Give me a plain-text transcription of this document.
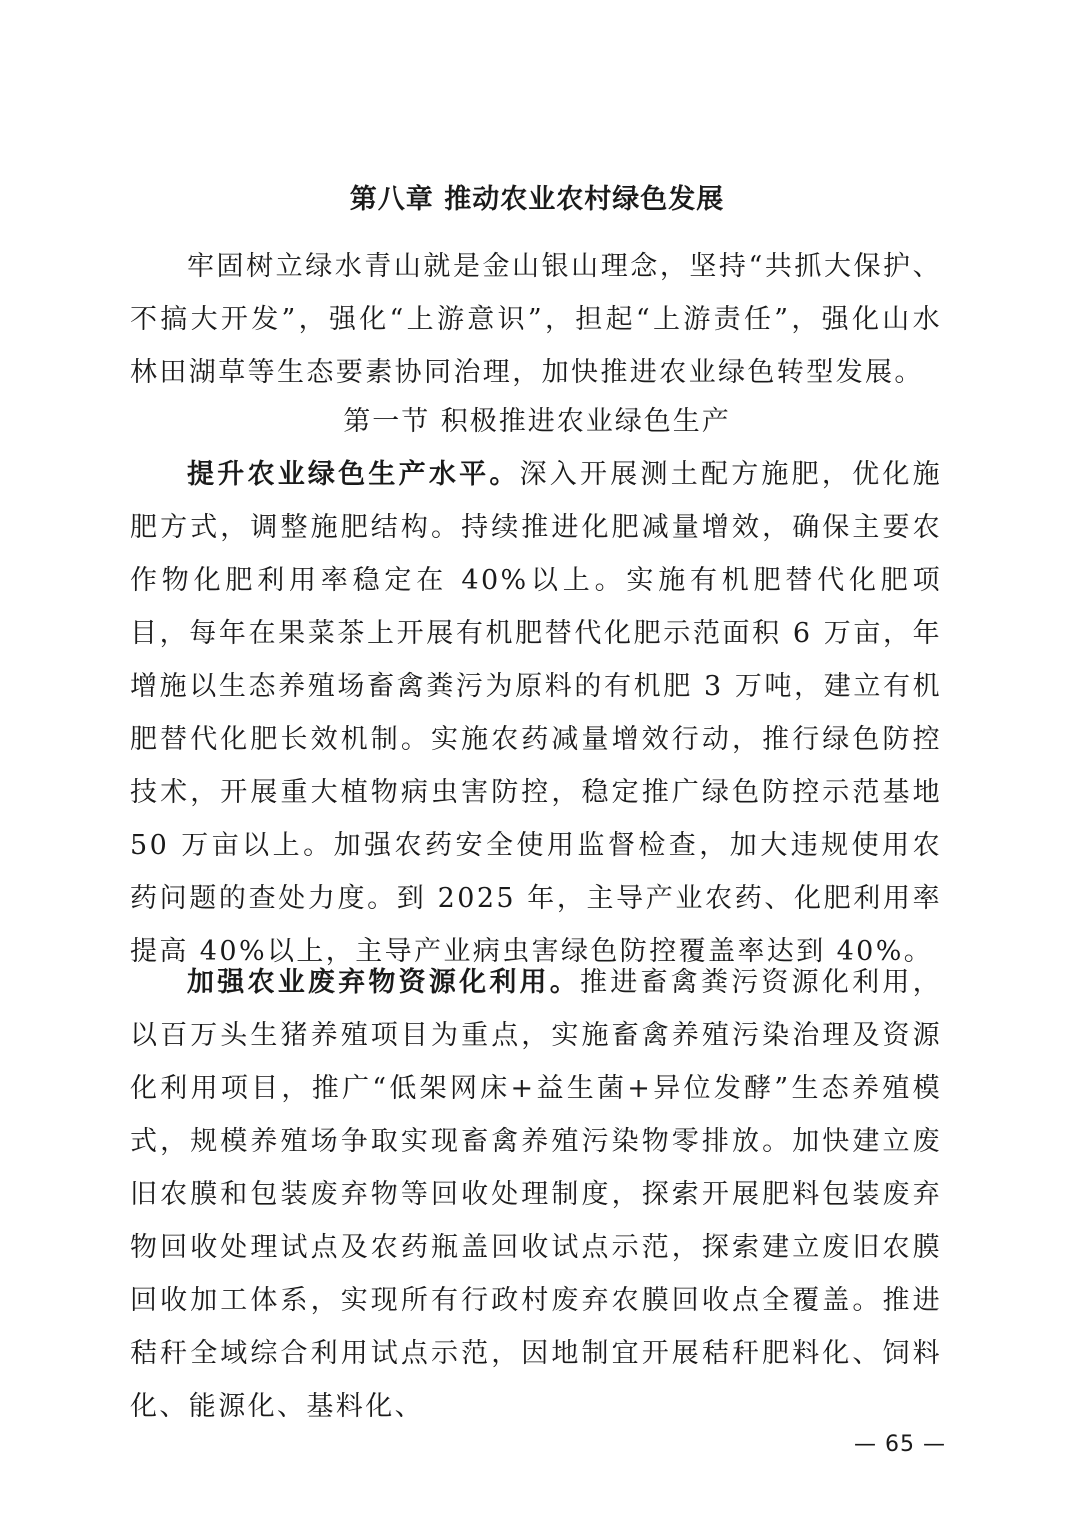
第八章 推动农业农村绿色发展
牢固树立绿水青山就是金山银山理念，坚持“共抓大保护、不搞大开发”，强化“上游意识”，担起“上游责任”，强化山水林田湖草等生态要素协同治理，加快推进农业绿色转型发展。
第一节 积极推进农业绿色生产
提升农业绿色生产水平。深入开展测土配方施肥，优化施肥方式，调整施肥结构。持续推进化肥减量增效，确保主要农作物化肥利用率稳定在 40%以上。实施有机肥替代化肥项目，每年在果菜茶上开展有机肥替代化肥示范面积 6 万亩，年增施以生态养殖场畜禽粪污为原料的有机肥 3 万吨，建立有机肥替代化肥长效机制。实施农药减量增效行动，推行绿色防控技术，开展重大植物病虫害防控，稳定推广绿色防控示范基地 50 万亩以上。加强农药安全使用监督检查，加大违规使用农药问题的查处力度。到 2025 年，主导产业农药、化肥利用率提高 40%以上，主导产业病虫害绿色防控覆盖率达到 40%。
加强农业废弃物资源化利用。推进畜禽粪污资源化利用，以百万头生猪养殖项目为重点，实施畜禽养殖污染治理及资源化利用项目，推广“低架网床+益生菌+异位发酵”生态养殖模式，规模养殖场争取实现畜禽养殖污染物零排放。加快建立废旧农膜和包装废弃物等回收处理制度，探索开展肥料包装废弃物回收处理试点及农药瓶盖回收试点示范，探索建立废旧农膜回收加工体系，实现所有行政村废弃农膜回收点全覆盖。推进秸秆全域综合利用试点示范，因地制宜开展秸秆肥料化、饲料化、能源化、基料化、
— 65 —
